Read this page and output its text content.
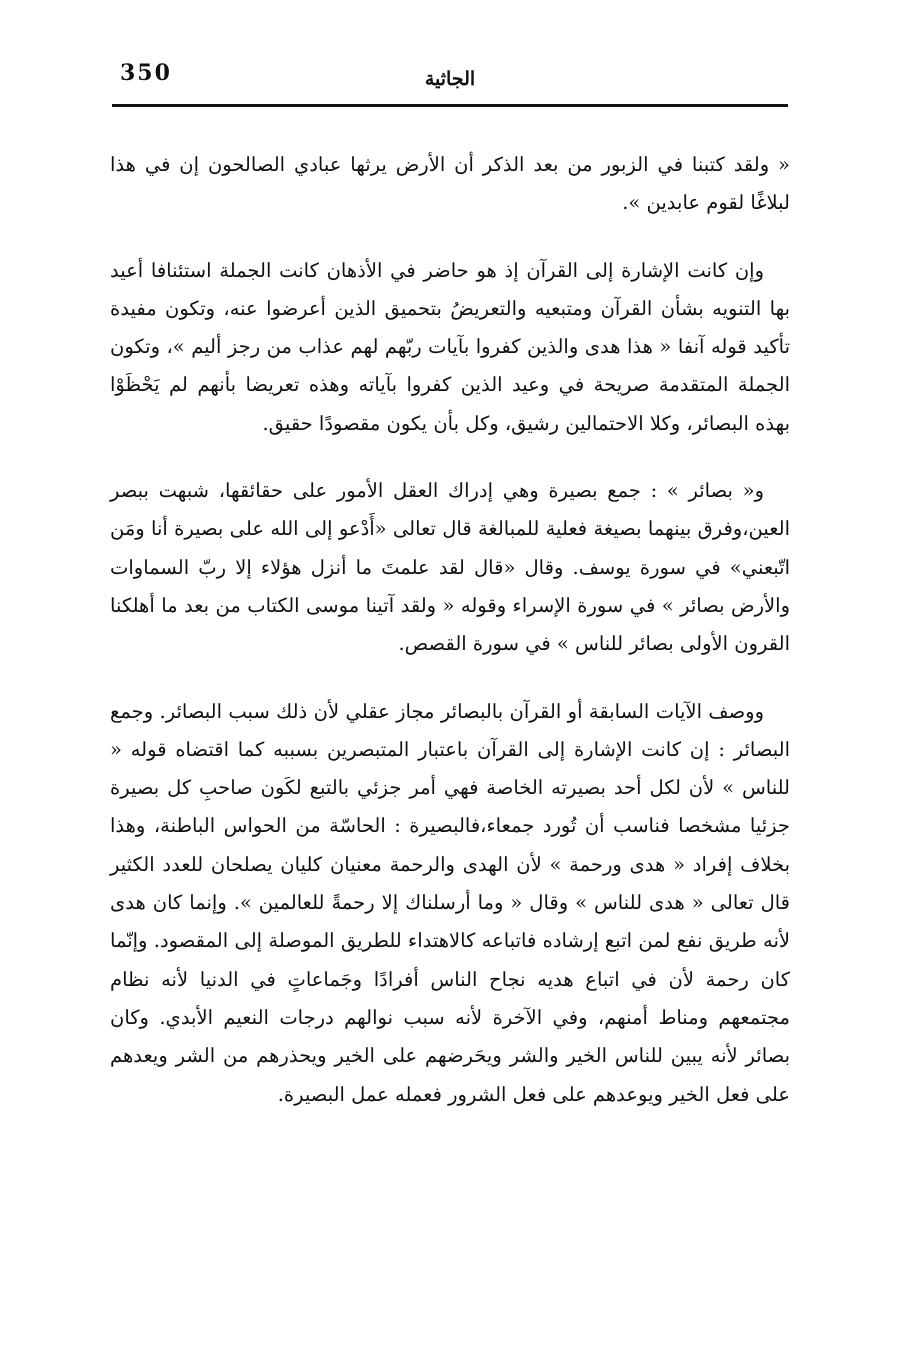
350	الجاثية

« ولقد كتبنا في الزبور من بعد الذكر أن الأرض يرثها عبادي الصالحون إن في هذا لبلاغًا لقوم عابدين ».

وإن كانت الإشارة إلى القرآن إذ هو حاضر في الأذهان كانت الجملة استئنافا أعيد بها التنويه بشأن القرآن ومتبعيه والتعريضُ بتحميق الذين أعرضوا عنه، وتكون مفيدة تأكيد قوله آنفا « هذا هدى والذين كفروا بآيات ربّهم لهم عذاب من رجز أليم »، وتكون الجملة المتقدمة صريحة في وعيد الذين كفروا بآياته وهذه تعريضا بأنهم لم يَحْظَوْا بهذه البصائر، وكلا الاحتمالين رشيق، وكل بأن يكون مقصودًا حقيق.

و« بصائر » : جمع بصيرة وهي إدراك العقل الأمور على حقائقها، شبهت ببصر العين،وفرق بينهما بصيغة فعلية للمبالغة قال تعالى «أَدْعو إلى الله على بصيرة أنا ومَن اتّبعني» في سورة يوسف. وقال «قال لقد علمتَ ما أنزل هؤلاء إلا ربّ السماوات والأرض بصائر » في سورة الإسراء وقوله « ولقد آتينا موسى الكتاب من بعد ما أهلكنا القرون الأولى بصائر للناس » في سورة القصص.

ووصف الآيات السابقة أو القرآن بالبصائر مجاز عقلي لأن ذلك سبب البصائر. وجمع البصائر : إن كانت الإشارة إلى القرآن باعتبار المتبصرين بسببه كما اقتضاه قوله « للناس » لأن لكل أحد بصيرته الخاصة فهي أمر جزئي بالتبع لكَون صاحبِ كل بصيرة جزئيا مشخصا فناسب أن تُورد جمعاء،فالبصيرة : الحاسّة من الحواس الباطنة، وهذا بخلاف إفراد « هدى ورحمة » لأن الهدى والرحمة معنيان كليان يصلحان للعدد الكثير قال تعالى « هدى للناس » وقال « وما أرسلناك إلا رحمةً للعالمين ». وإنما كان هدى لأنه طريق نفع لمن اتبع إرشاده فاتباعه كالاهتداء للطريق الموصلة إلى المقصود. وإنّما كان رحمة لأن في اتباع هديه نجاح الناس أفرادًا وجَماعاتٍ في الدنيا لأنه نظام مجتمعهم ومناط أمنهم، وفي الآخرة لأنه سبب نوالهم درجات النعيم الأبدي. وكان بصائر لأنه يبين للناس الخير والشر ويحَرضهم على الخير ويحذرهم من الشر ويعدهم على فعل الخير ويوعدهم على فعل الشرور فعمله عمل البصيرة.
